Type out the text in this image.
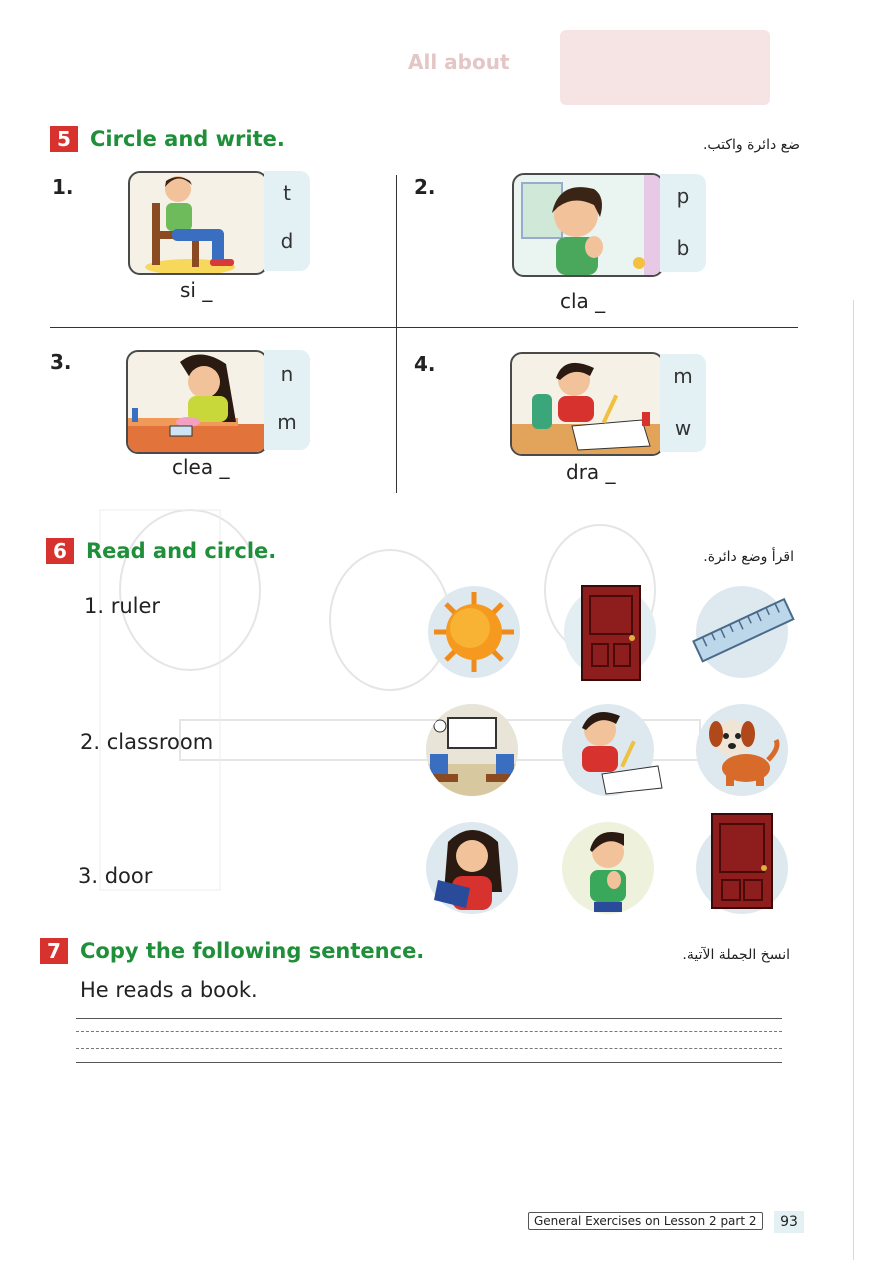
All about
5 Circle and write.	ضع دائرة واكتب.
1.	t
d
si _
2.	p
b
cla _
3.	n
m
clea _
4.	m
w
dra _
6 Read and circle.	اقرأ وضع دائرة.
1. ruler
2. classroom
3. door
7 Copy the following sentence.	انسخ الجملة الآتية.
He reads a book.
General Exercises on Lesson 2 part 2	93
